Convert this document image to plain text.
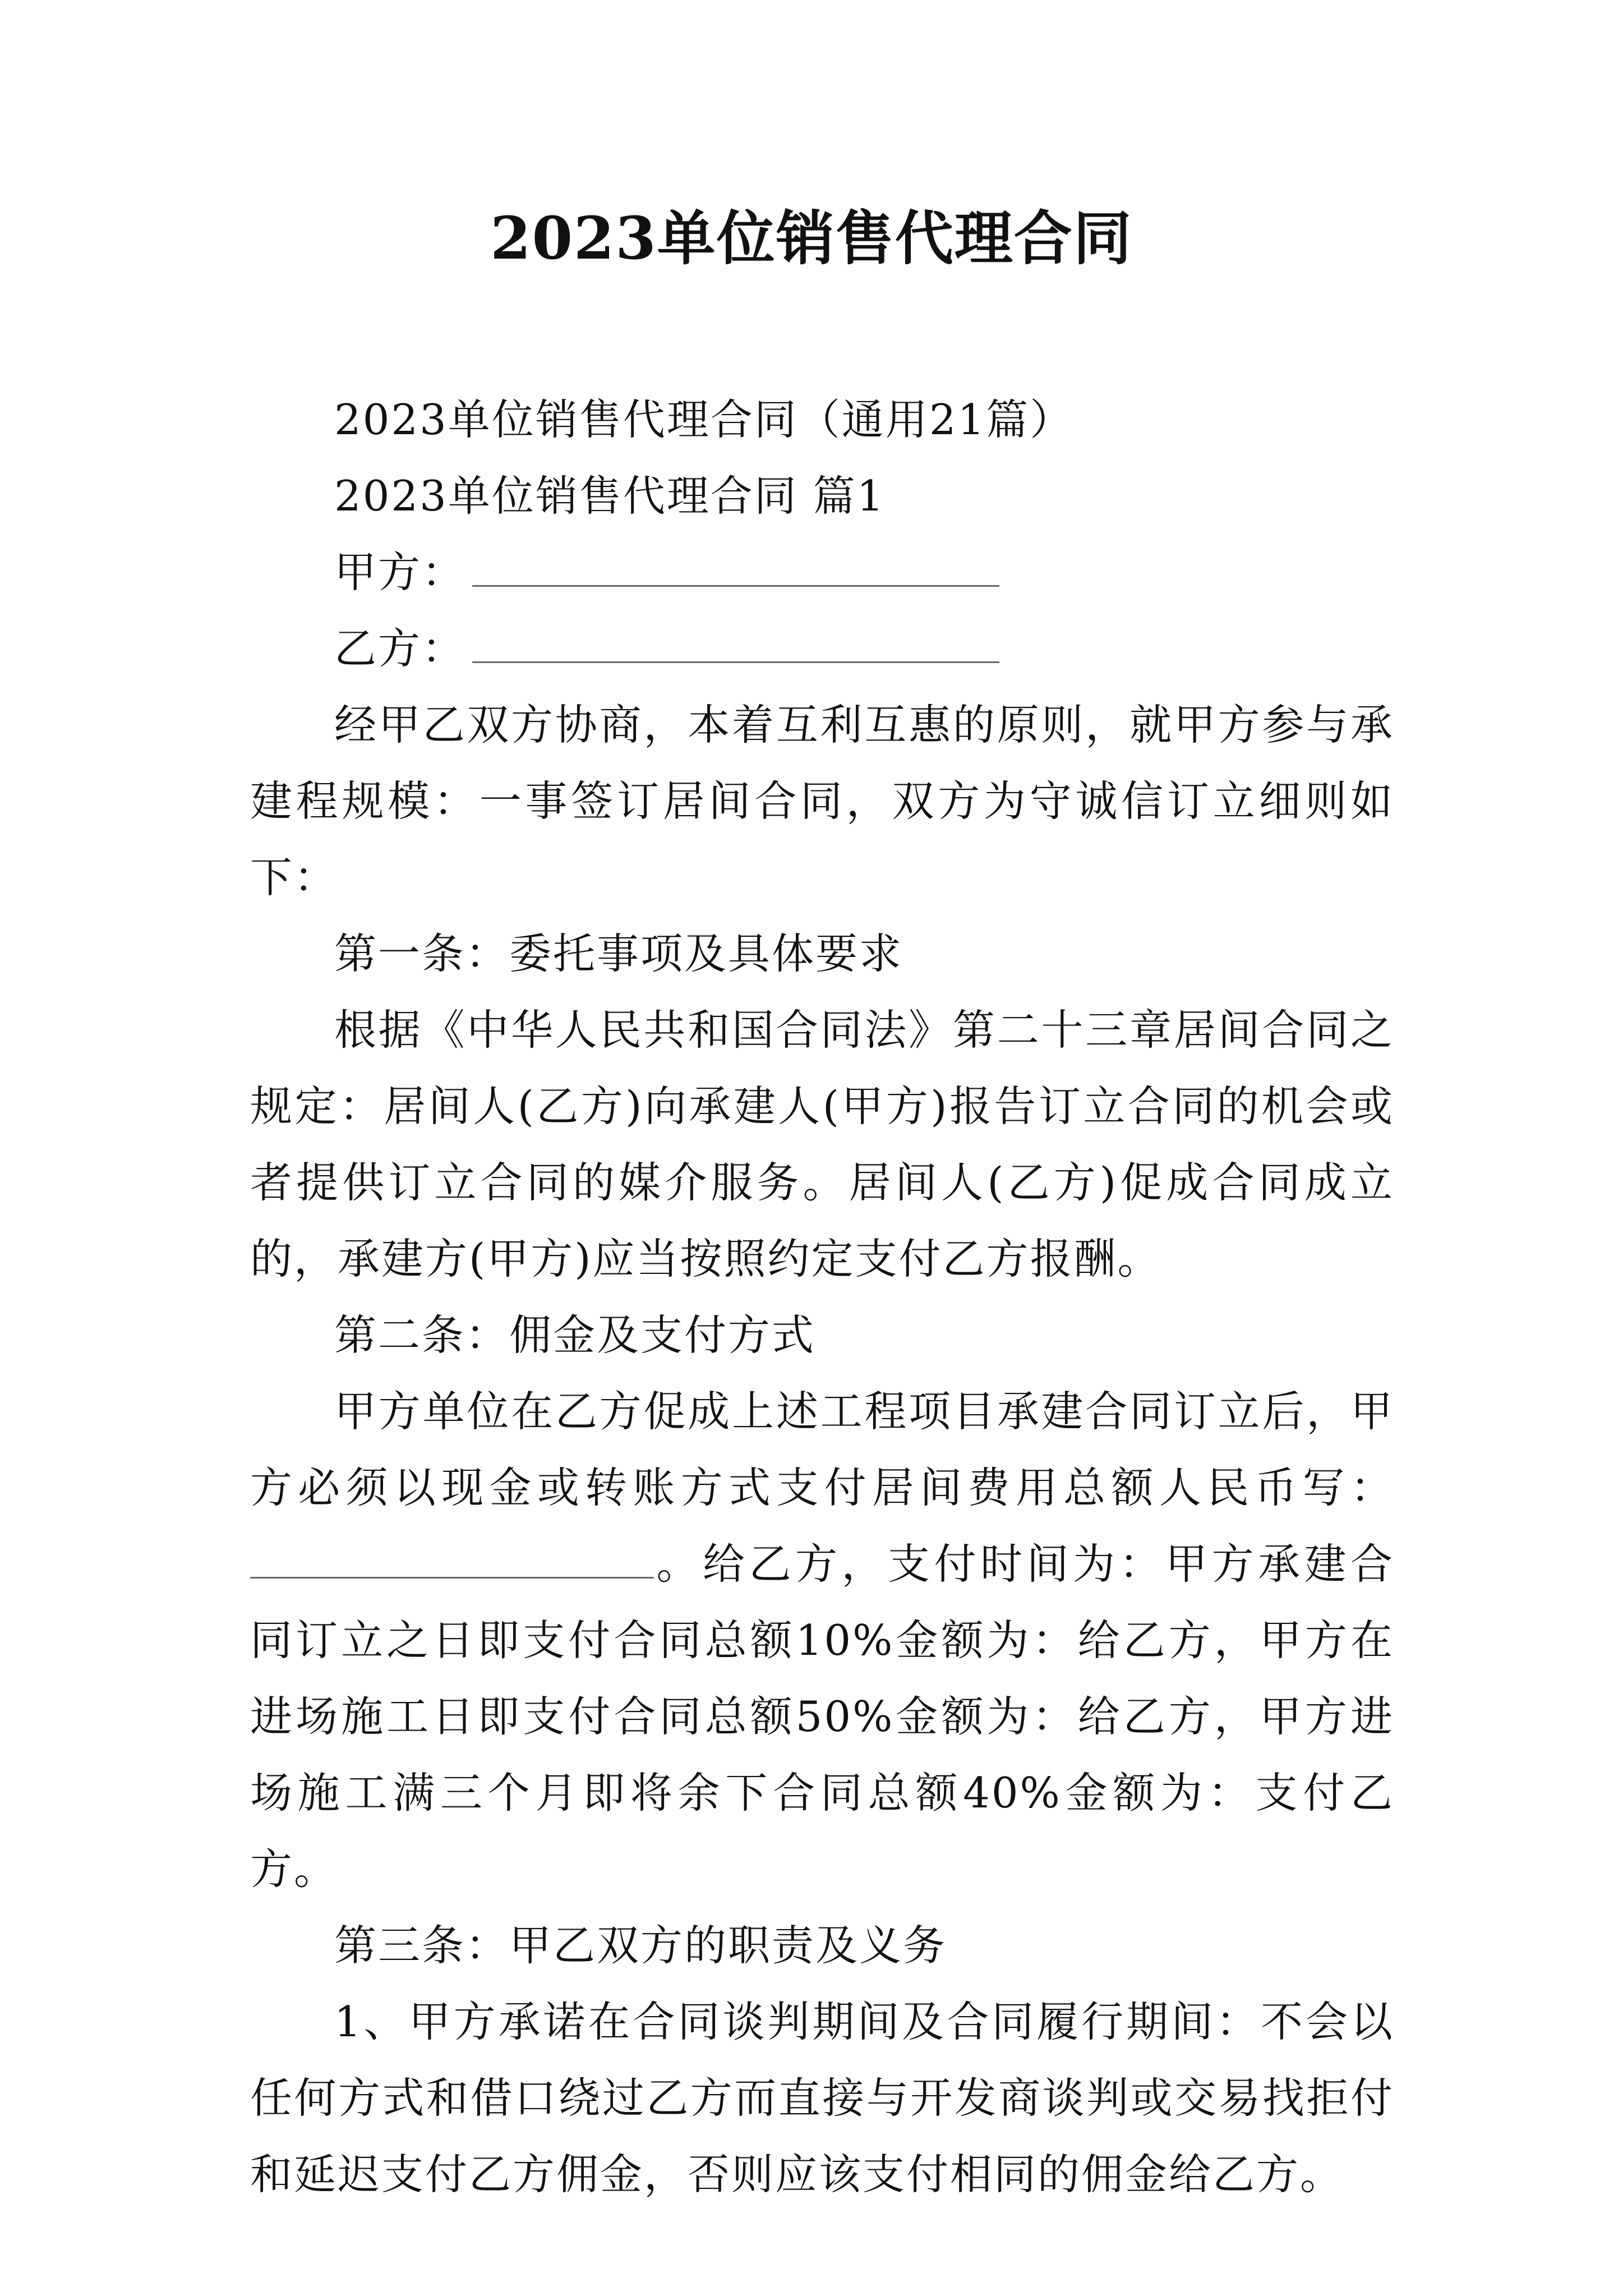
2023单位销售代理合同

2023单位销售代理合同（通用21篇）

2023单位销售代理合同 篇1

甲方：

乙方：

经甲乙双方协商，本着互利互惠的原则，就甲方参与承建程规模：一事签订居间合同，双方为守诚信订立细则如下：

第一条：委托事项及具体要求

根据《中华人民共和国合同法》第二十三章居间合同之规定：居间人(乙方)向承建人(甲方)报告订立合同的机会或者提供订立合同的媒介服务。居间人(乙方)促成合同成立的，承建方(甲方)应当按照约定支付乙方报酬。

第二条：佣金及支付方式

甲方单位在乙方促成上述工程项目承建合同订立后，甲方必须以现金或转账方式支付居间费用总额人民币写：。给乙方，支付时间为：甲方承建合同订立之日即支付合同总额10%金额为：给乙方，甲方在进场施工日即支付合同总额50%金额为：给乙方，甲方进场施工满三个月即将余下合同总额40%金额为：支付乙方。

第三条：甲乙双方的职责及义务

1、甲方承诺在合同谈判期间及合同履行期间：不会以任何方式和借口绕过乙方而直接与开发商谈判或交易找拒付和延迟支付乙方佣金，否则应该支付相同的佣金给乙方。
